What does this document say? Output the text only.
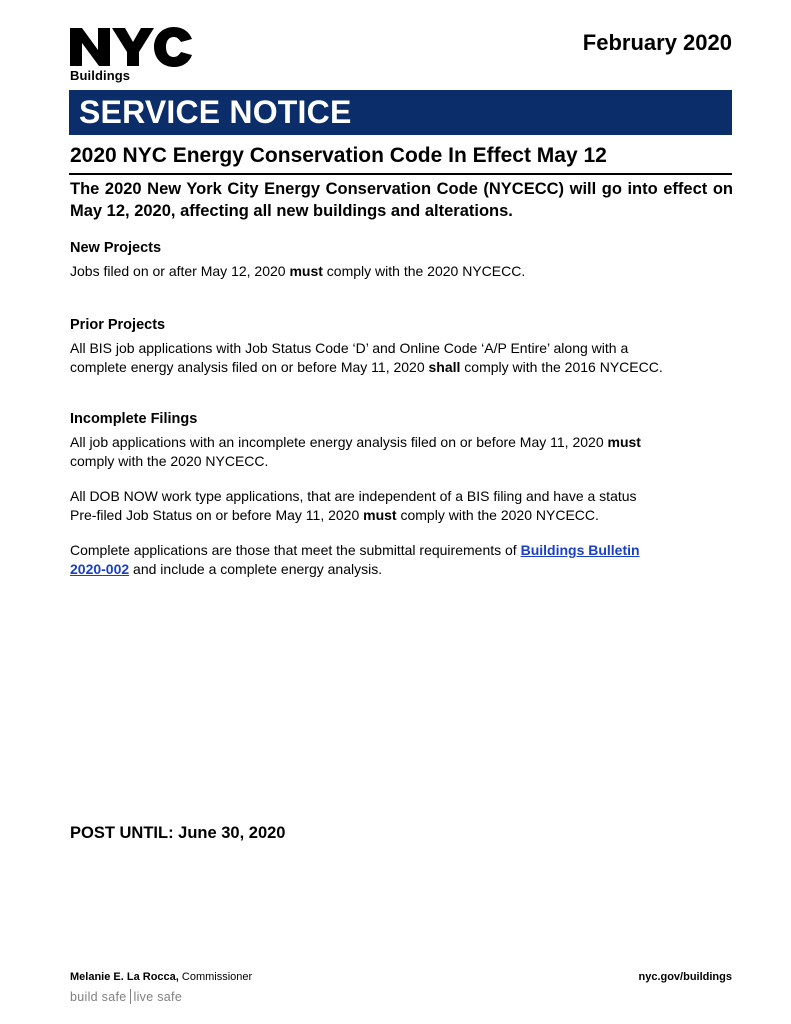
Buildings
February 2020
SERVICE NOTICE
2020 NYC Energy Conservation Code In Effect May 12
The 2020 New York City Energy Conservation Code (NYCECC) will go into effect on May 12, 2020, affecting all new buildings and alterations.
New Projects
Jobs filed on or after May 12, 2020 must comply with the 2020 NYCECC.
Prior Projects
All BIS job applications with Job Status Code ‘D’ and Online Code ‘A/P Entire’ along with a
complete energy analysis filed on or before May 11, 2020 shall comply with the 2016 NYCECC.
Incomplete Filings
All job applications with an incomplete energy analysis filed on or before May 11, 2020 must
comply with the 2020 NYCECC.
All DOB NOW work type applications, that are independent of a BIS filing and have a status
Pre-filed Job Status on or before May 11, 2020 must comply with the 2020 NYCECC.
Complete applications are those that meet the submittal requirements of Buildings Bulletin
2020-002 and include a complete energy analysis.
POST UNTIL: June 30, 2020
Melanie E. La Rocca, Commissioner
build safe live safe
nyc.gov/buildings
